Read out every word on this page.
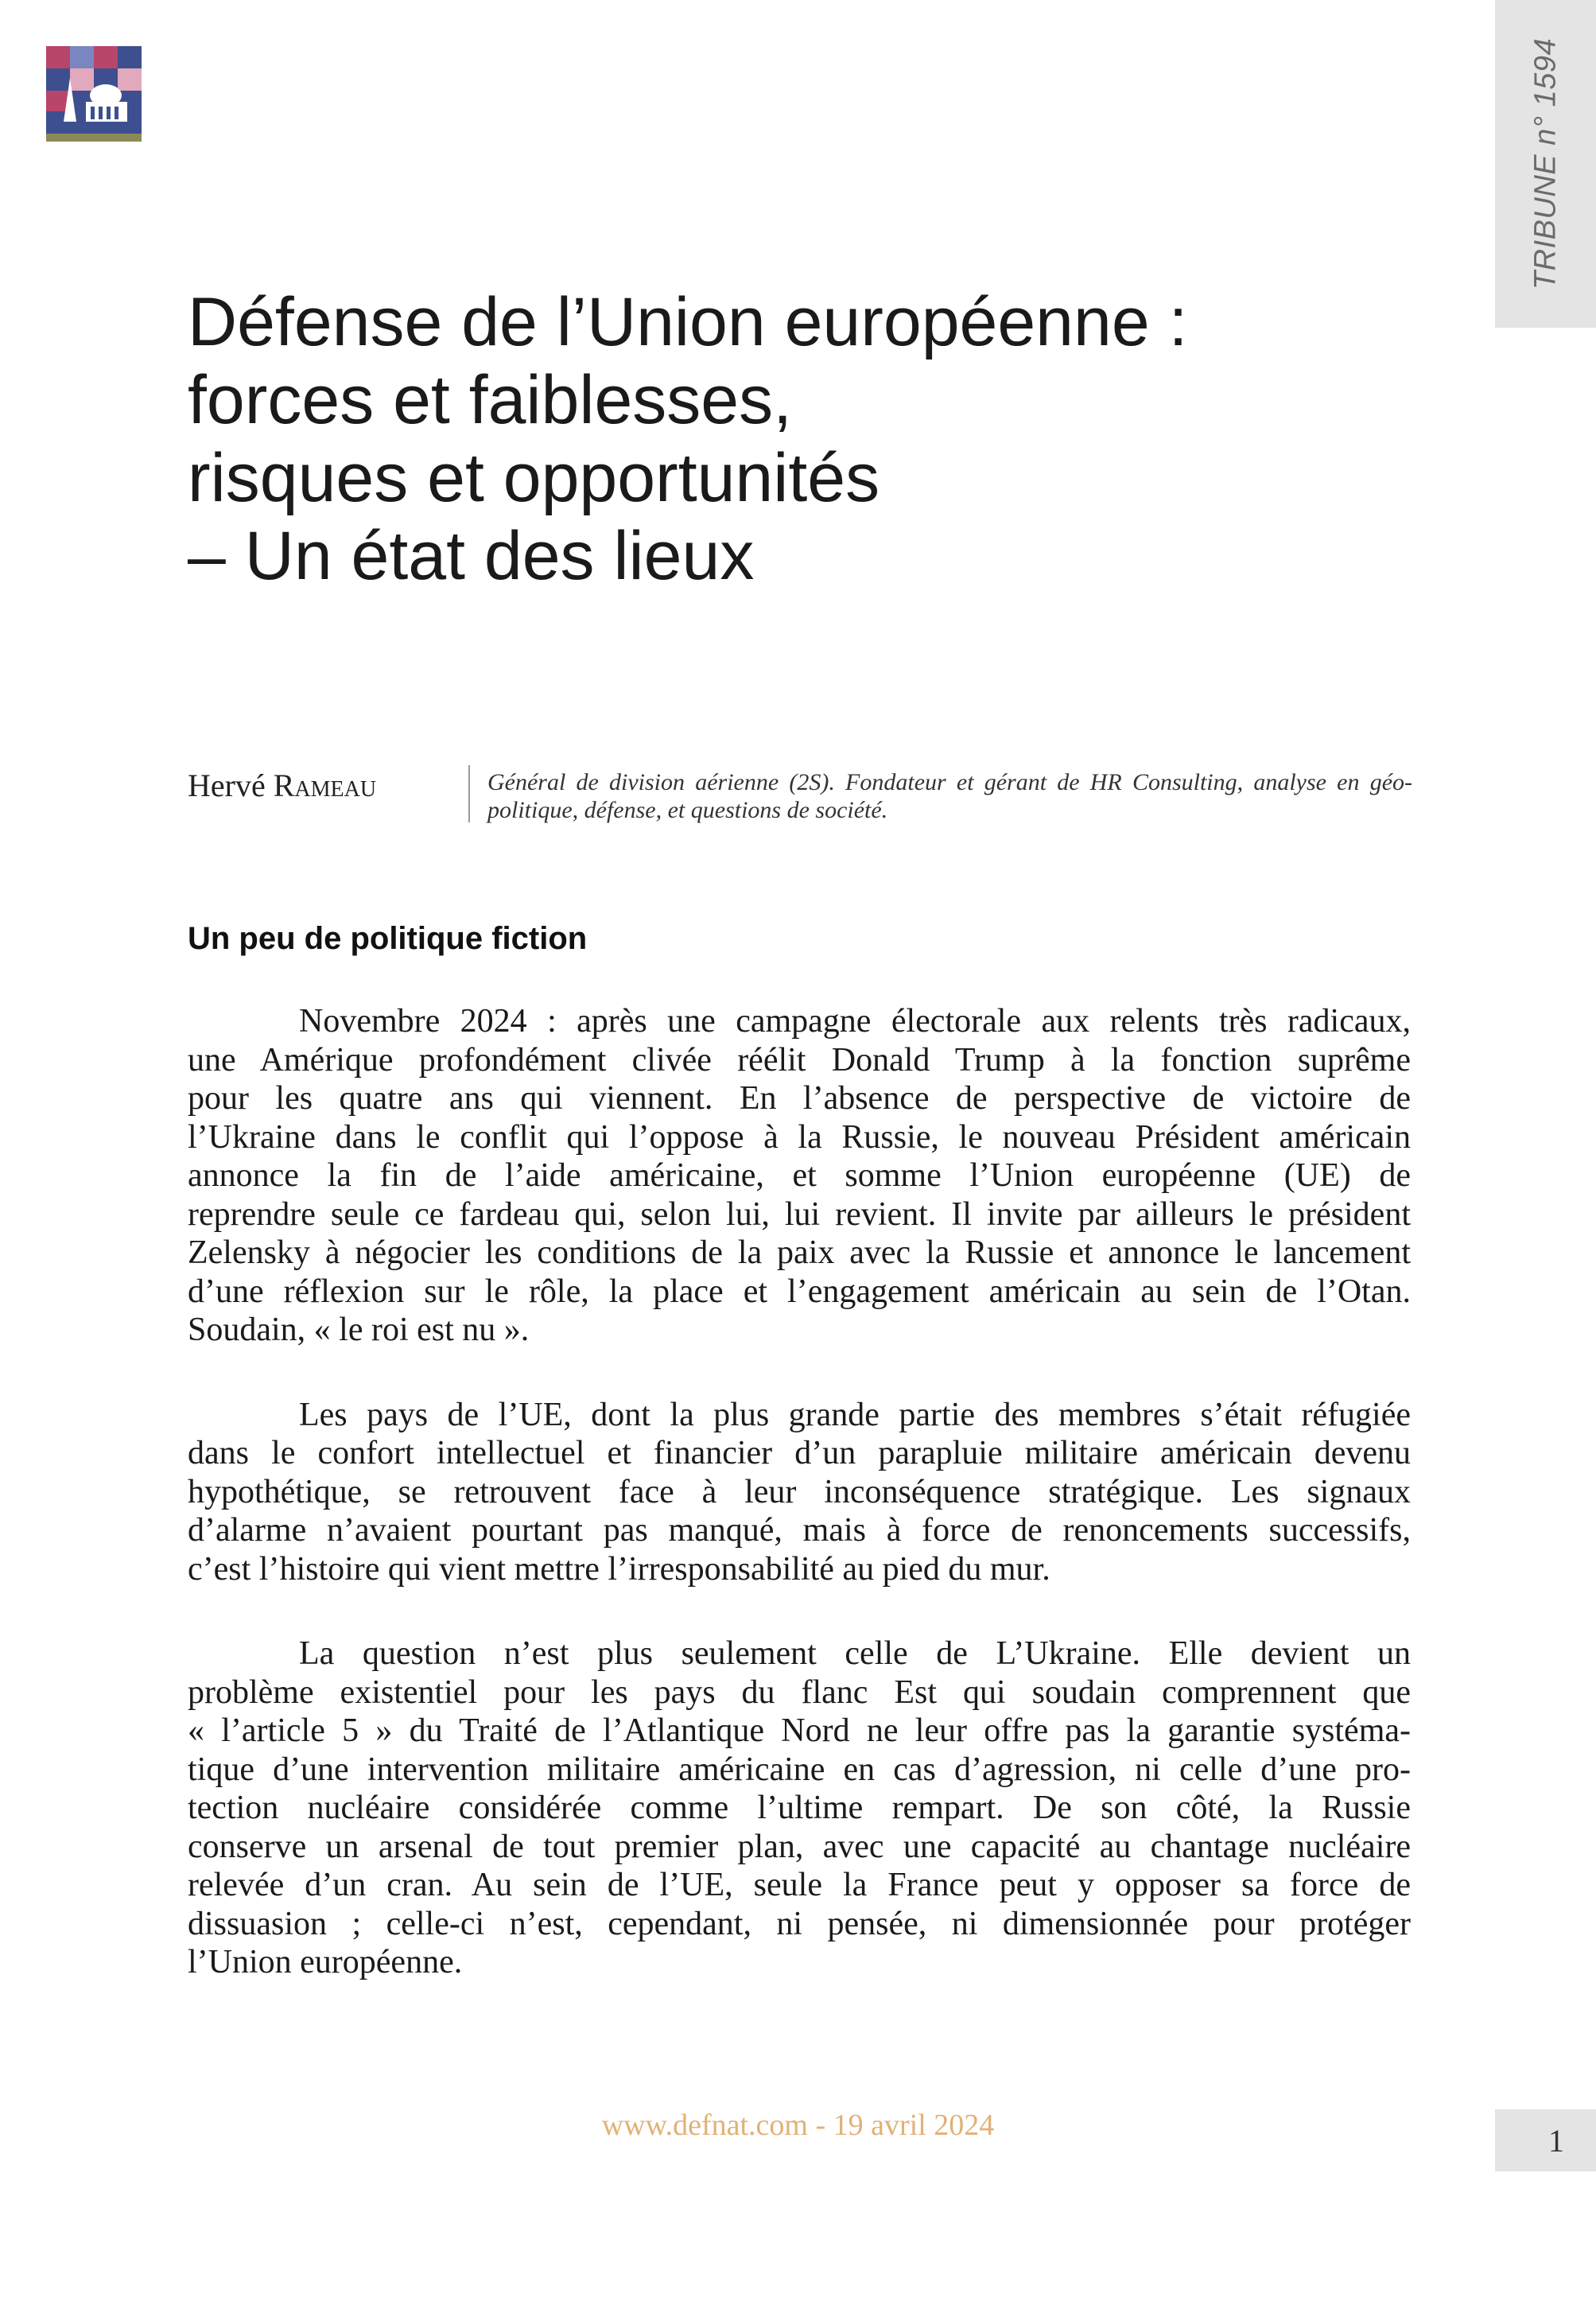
TRIBUNE n° 1594
Défense de l’Union européenne :
forces et faiblesses,
risques et opportunités
– Un état des lieux
Hervé Rameau	Général de division aérienne (2S). Fondateur et gérant de HR Consulting, analyse en géo- politique, défense, et questions de société.
Un peu de politique fiction

Novembre 2024 : après une campagne électorale aux relents très radicaux,
une Amérique profondément clivée réélit Donald Trump à la fonction suprême
pour les quatre ans qui viennent. En l’absence de perspective de victoire de
l’Ukraine dans le conflit qui l’oppose à la Russie, le nouveau Président américain
annonce la fin de l’aide américaine, et somme l’Union européenne (UE) de
reprendre seule ce fardeau qui, selon lui, lui revient. Il invite par ailleurs le président
Zelensky à négocier les conditions de la paix avec la Russie et annonce le lancement
d’une réflexion sur le rôle, la place et l’engagement américain au sein de l’Otan.
Soudain, « le roi est nu ».

Les pays de l’UE, dont la plus grande partie des membres s’était réfugiée
dans le confort intellectuel et financier d’un parapluie militaire américain devenu
hypothétique, se retrouvent face à leur inconséquence stratégique. Les signaux
d’alarme n’avaient pourtant pas manqué, mais à force de renoncements successifs,
c’est l’histoire qui vient mettre l’irresponsabilité au pied du mur.

La question n’est plus seulement celle de L’Ukraine. Elle devient un
problème existentiel pour les pays du flanc Est qui soudain comprennent que
« l’article 5 » du Traité de l’Atlantique Nord ne leur offre pas la garantie systéma-
tique d’une intervention militaire américaine en cas d’agression, ni celle d’une pro-
tection nucléaire considérée comme l’ultime rempart. De son côté, la Russie
conserve un arsenal de tout premier plan, avec une capacité au chantage nucléaire
relevée d’un cran. Au sein de l’UE, seule la France peut y opposer sa force de
dissuasion ; celle-ci n’est, cependant, ni pensée, ni dimensionnée pour protéger
l’Union européenne.

www.defnat.com - 19 avril 2024	1
